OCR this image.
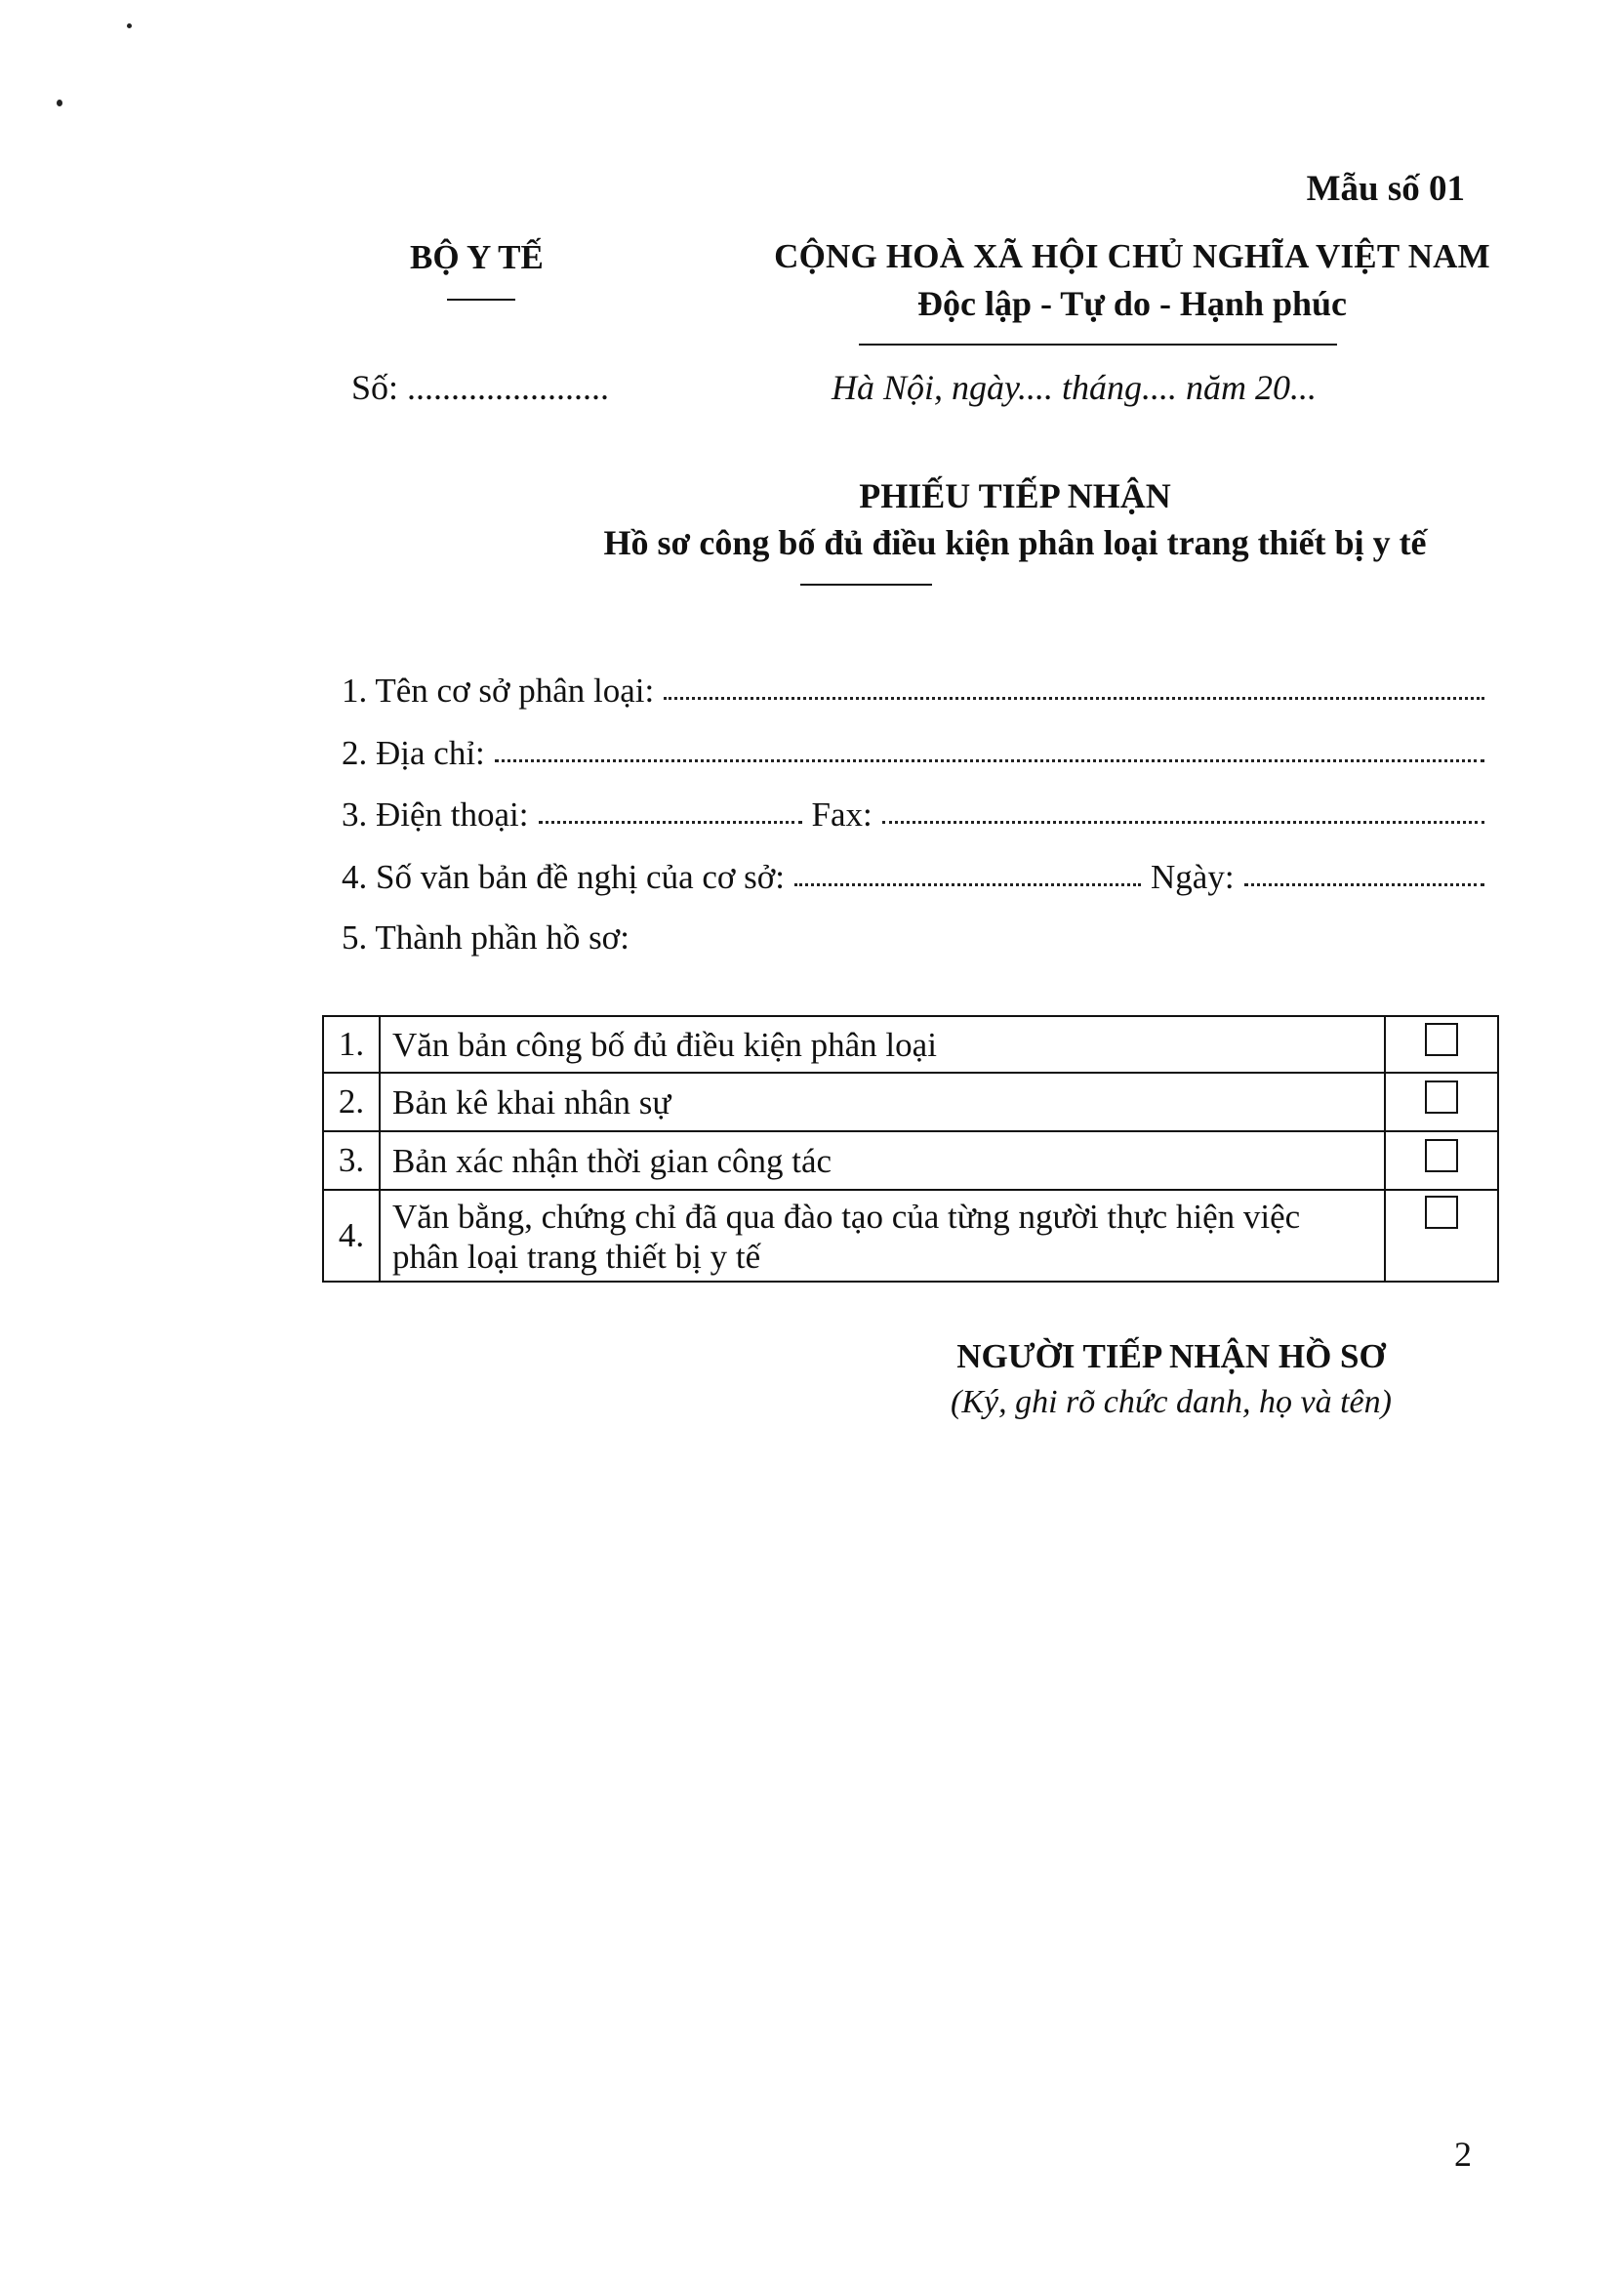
Mẫu số 01
BỘ Y TẾ	CỘNG HOÀ XÃ HỘI CHỦ NGHĨA VIỆT NAM
Độc lập - Tự do - Hạnh phúc
Số: .......................	Hà Nội, ngày.... tháng.... năm 20...
PHIẾU TIẾP NHẬN
Hồ sơ công bố đủ điều kiện phân loại trang thiết bị y tế
1. Tên cơ sở phân loại:
2. Địa chỉ:
3. Điện thoại:	Fax:
4. Số văn bản đề nghị của cơ sở:	Ngày:
5. Thành phần hồ sơ:
1.	Văn bản công bố đủ điều kiện phân loại	
2.	Bản kê khai nhân sự	
3.	Bản xác nhận thời gian công tác	
4.	Văn bằng, chứng chỉ đã qua đào tạo của từng người thực hiện việc phân loại trang thiết bị y tế	
NGƯỜI TIẾP NHẬN HỒ SƠ
(Ký, ghi rõ chức danh, họ và tên)
2
